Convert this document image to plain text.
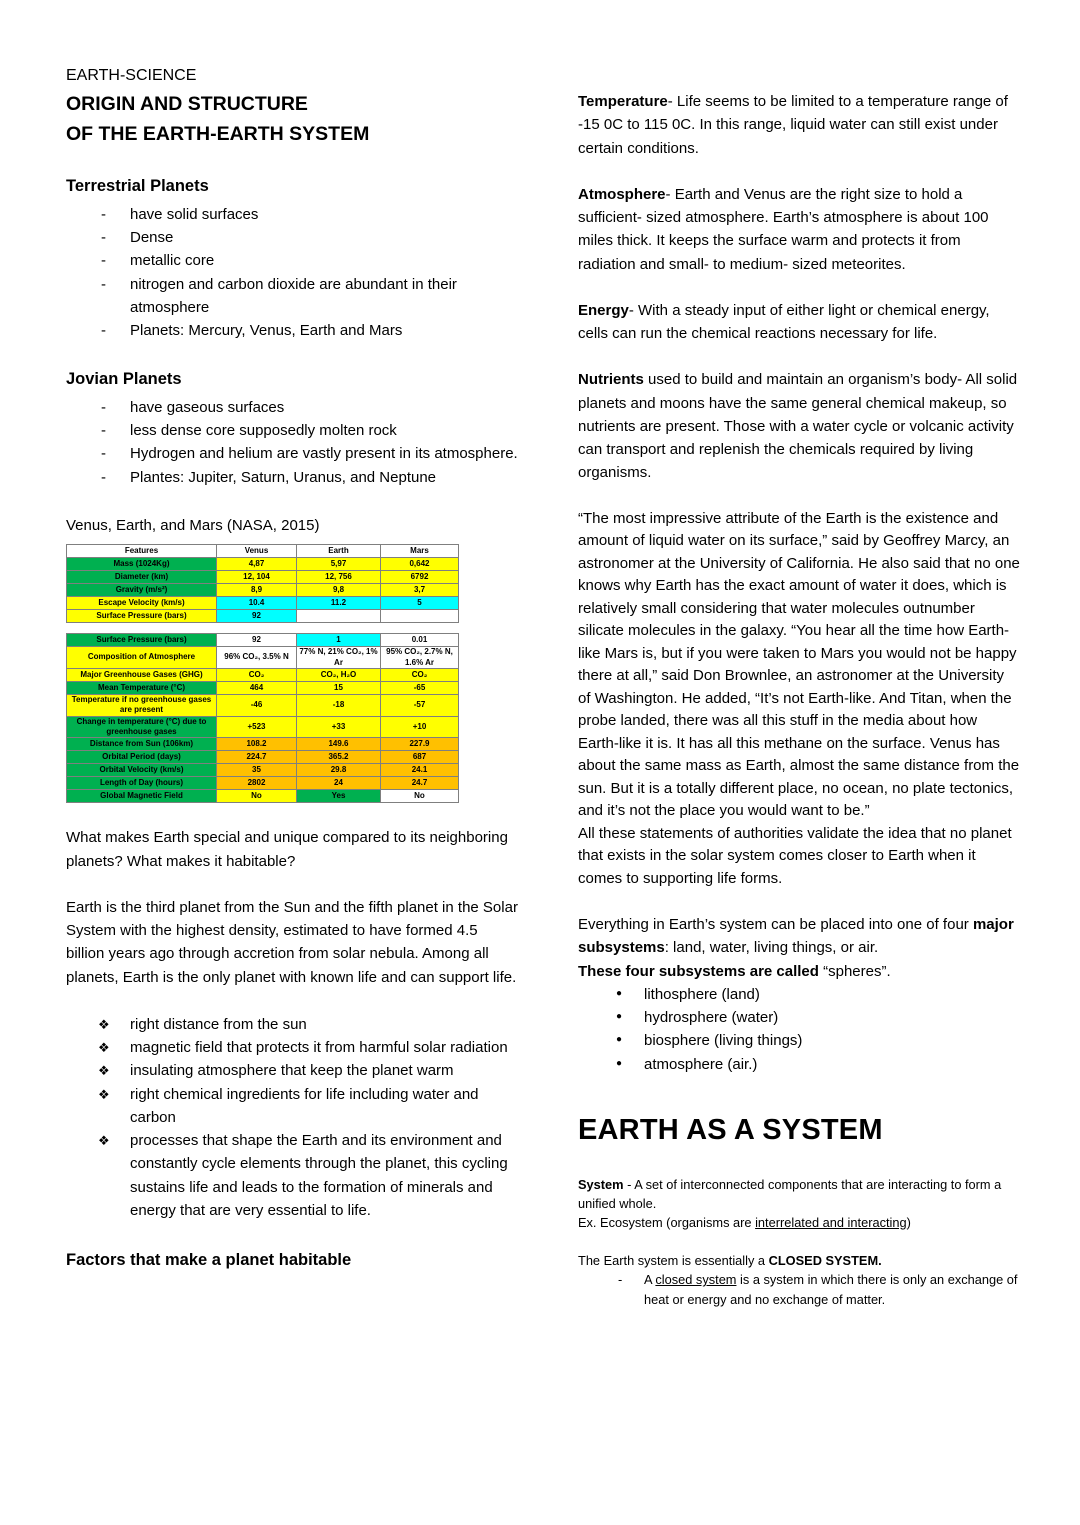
EARTH-SCIENCE
ORIGIN AND STRUCTURE
OF THE EARTH-EARTH SYSTEM
Terrestrial Planets
- have solid surfaces
- Dense
- metallic core
- nitrogen and carbon dioxide are abundant in their atmosphere
- Planets: Mercury, Venus, Earth and Mars
Jovian Planets
- have gaseous surfaces
- less dense core supposedly molten rock
- Hydrogen and helium are vastly present in its atmosphere.
- Plantes: Jupiter, Saturn, Uranus, and Neptune
Venus, Earth, and Mars (NASA, 2015)
Features	Venus	Earth	Mars
Mass (1024Kg)	4,87	5,97	0,642
Diameter (km)	12, 104	12, 756	6792
Gravity (m/s²)	8,9	9,8	3,7
Escape Velocity (km/s)	10.4	11.2	5
Surface Pressure (bars)	92		
Surface Pressure (bars)	92	1	0.01
Composition of Atmosphere	96% CO₂, 3.5% N	77% N, 21% CO₂, 1% Ar	95% CO₂, 2.7% N, 1.6% Ar
Major Greenhouse Gases (GHG)	CO₂	CO₂, H₂O	CO₂
Mean Temperature (°C)	464	15	-65
Temperature if no greenhouse gases are present	-46	-18	-57
Change in temperature (°C) due to greenhouse gases	+523	+33	+10
Distance from Sun (106km)	108.2	149.6	227.9
Orbital Period (days)	224.7	365.2	687
Orbital Velocity (km/s)	35	29.8	24.1
Length of Day (hours)	2802	24	24.7
Global Magnetic Field	No	Yes	No

What makes Earth special and unique compared to its neighboring planets? What makes it habitable?

Earth is the third planet from the Sun and the fifth planet in the Solar System with the highest density, estimated to have formed 4.5 billion years ago through accretion from solar nebula. Among all planets, Earth is the only planet with known life and can support life.

❖ right distance from the sun
❖ magnetic field that protects it from harmful solar radiation
❖ insulating atmosphere that keep the planet warm
❖ right chemical ingredients for life including water and carbon
❖ processes that shape the Earth and its environment and constantly cycle elements through the planet, this cycling sustains life and leads to the formation of minerals and energy that are very essential to life.
Factors that make a planet habitable

Temperature- Life seems to be limited to a temperature range of -15 0C to 115 0C. In this range, liquid water can still exist under certain conditions.

Atmosphere- Earth and Venus are the right size to hold a sufficient- sized atmosphere. Earth’s atmosphere is about 100 miles thick. It keeps the surface warm and protects it from radiation and small- to medium- sized meteorites.

Energy- With a steady input of either light or chemical energy, cells can run the chemical reactions necessary for life.

Nutrients used to build and maintain an organism’s body- All solid planets and moons have the same general chemical makeup, so nutrients are present. Those with a water cycle or volcanic activity can transport and replenish the chemicals required by living organisms.

“The most impressive attribute of the Earth is the existence and amount of liquid water on its surface,” said by Geoffrey Marcy, an astronomer at the University of California. He also said that no one knows why Earth has the exact amount of water it does, which is relatively small considering that water molecules outnumber silicate molecules in the galaxy. “You hear all the time how Earth-like Mars is, but if you were taken to Mars you would not be happy there at all,” said Don Brownlee, an astronomer at the University of Washington. He added, “It’s not Earth-like. And Titan, when the probe landed, there was all this stuff in the media about how Earth-like it is. It has all this methane on the surface. Venus has about the same mass as Earth, almost the same distance from the sun. But it is a totally different place, no ocean, no plate tectonics, and it’s not the place you would want to be.”
All these statements of authorities validate the idea that no planet that exists in the solar system comes closer to Earth when it comes to supporting life forms.

Everything in Earth’s system can be placed into one of four major subsystems: land, water, living things, or air.
These four subsystems are called “spheres”.

● lithosphere (land)
● hydrosphere (water)
● biosphere (living things)
● atmosphere (air.)
EARTH AS A SYSTEM

System - A set of interconnected components that are interacting to form a unified whole.

Ex. Ecosystem (organisms are interrelated and interacting)

The Earth system is essentially a CLOSED SYSTEM.

- A closed system is a system in which there is only an exchange of heat or energy and no exchange of matter.
